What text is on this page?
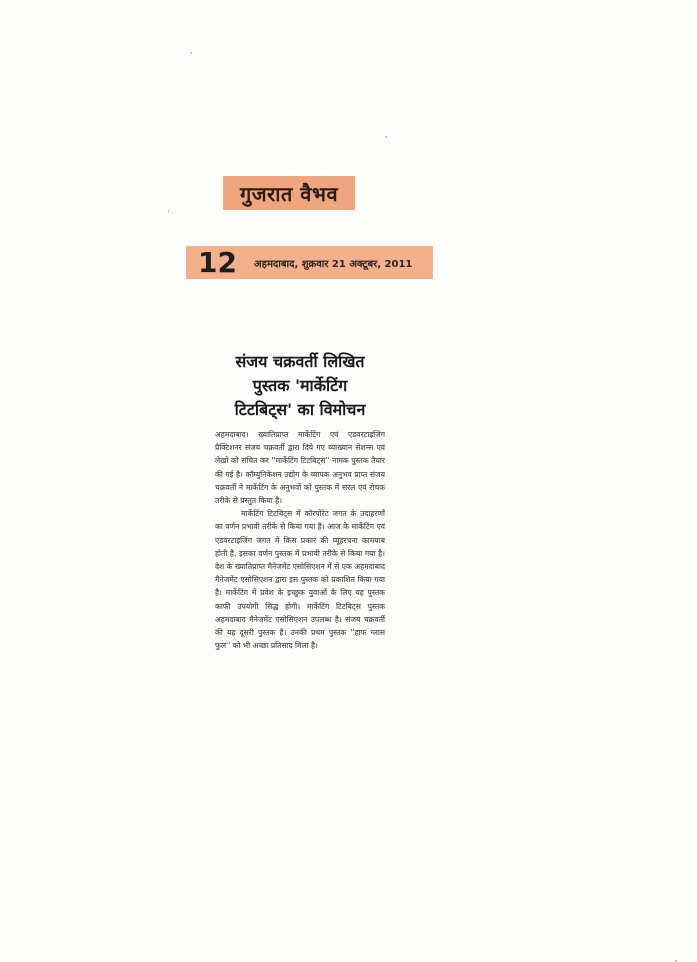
गुजरात वैभव
12	अहमदाबाद, शुक्रवार 21 अक्टूबर, 2011
संजय चक्रवर्ती लिखित
पुस्तक 'मार्केटिंग
टिटबिट्स' का विमोचन

अहमदाबाद। ख्यातिप्राप्त मार्केटिंग एवं एडवरटाइजिंग प्रैक्टिशनर संजय चक्रवर्ती द्वारा दिये गए व्याख्यान सेशन्स एवं लेखों को संचित कर ''मार्केटिंग टिटबिट्स'' नामक पुस्तक तैयार की गई है। कॉम्युनिकेशन उद्योग के व्यापक अनुभव प्राप्त संजय चक्रवर्ती ने मार्केटिंग के अनुभवों को पुस्तक में सरल एवं रोचक तरीके से प्रस्तुत किया है।

मार्केटिंग टिटबिट्स में कॉरपोरेट जगत के उदाहरणों का वर्णन प्रभावी तरीके से किया गया है। आज के मार्केटिंग एवं एडवरटाइजिंग जगत में किस प्रकार की व्यूहरचना कामयाब होती है, इसका वर्णन पुस्तक में प्रभावी तरीके से किया गया है। देश के ख्यातिप्राप्त मैनेजमेंट एसोसिएशन में से एक अहमदाबाद मैनेजमेंट एसोसिएशन द्वारा इस पुस्तक को प्रकाशित किया गया है। मार्केटिंग में प्रवेश के इच्छुक युवाओं के लिए यह पुस्तक काफी उपयोगी सिद्ध होगी। मार्केटिंग टिटबिट्स पुस्तक अहमदाबाद मैनेजमेंट एसोसिएशन उपलब्ध है। संजय चक्रवर्ती की यह दूसरी पुस्तक है। उनकी प्रथम पुस्तक ''हाफ ग्लास फुल'' को भी अच्छा प्रतिसाद मिला है।
